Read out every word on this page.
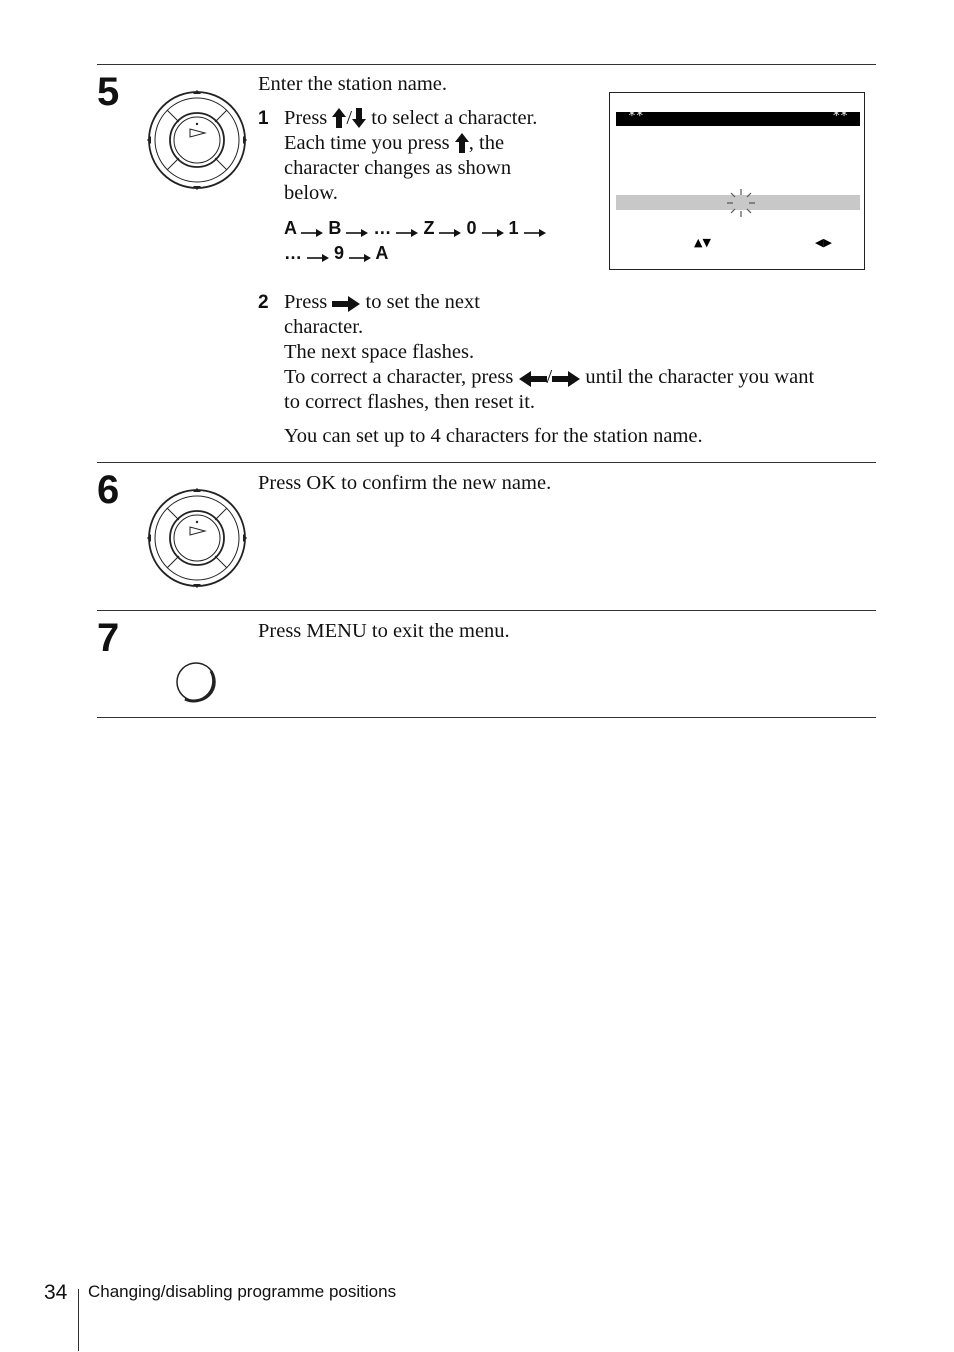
5	Enter the station name.
1 Press / to select a character.
Each time you press , the
character changes as shown
below.
A B … Z 0 1
… 9 A
**	**
▲▼	◀▶
2 Press to set the next
character.
The next space flashes.
To correct a character, press / until the character you want
to correct flashes, then reset it.
You can set up to 4 characters for the station name.
6	Press OK to confirm the new name.
7	Press MENU to exit the menu.
34 Changing/disabling programme positions
